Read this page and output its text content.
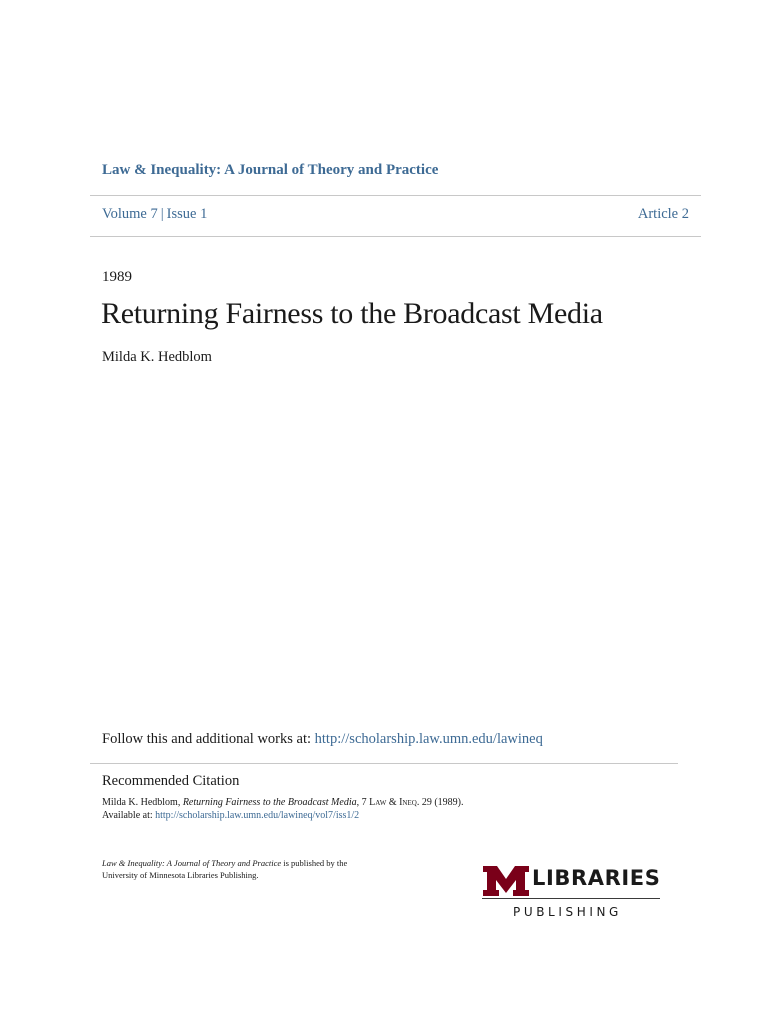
Law & Inequality: A Journal of Theory and Practice
Volume 7 | Issue 1	Article 2
1989
Returning Fairness to the Broadcast Media
Milda K. Hedblom
Follow this and additional works at: http://scholarship.law.umn.edu/lawineq
Recommended Citation
Milda K. Hedblom, Returning Fairness to the Broadcast Media, 7 Law & Ineq. 29 (1989).
Available at: http://scholarship.law.umn.edu/lawineq/vol7/iss1/2
Law & Inequality: A Journal of Theory and Practice is published by the
University of Minnesota Libraries Publishing.	LIBRARIES
PUBLISHING
